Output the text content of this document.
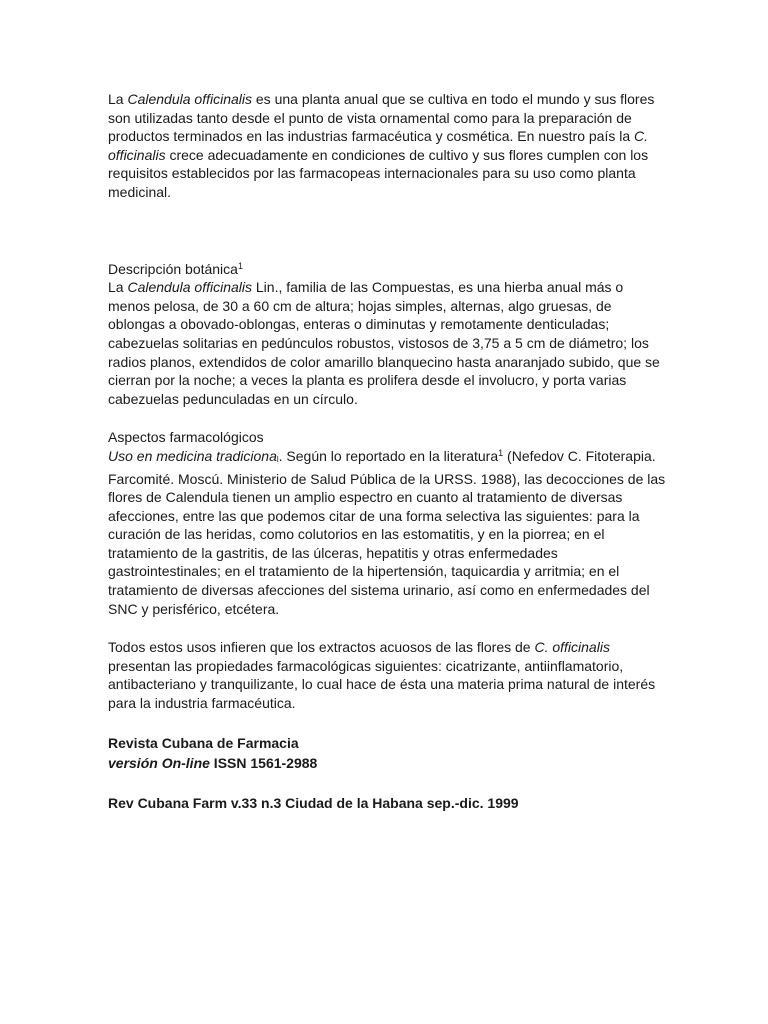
La Calendula officinalis es una planta anual que se cultiva en todo el mundo y sus flores son utilizadas tanto desde el punto de vista ornamental como para la preparación de productos terminados en las industrias farmacéutica y cosmética. En nuestro país la C. officinalis crece adecuadamente en condiciones de cultivo y sus flores cumplen con los requisitos establecidos por las farmacopeas internacionales para su uso como planta medicinal.

Descripción botánica$^1$

La Calendula officinalis Lin., familia de las Compuestas, es una hierba anual más o menos pelosa, de 30 a 60 cm de altura; hojas simples, alternas, algo gruesas, de oblongas a obovado-oblongas, enteras o diminutas y remotamente denticuladas; cabezuelas solitarias en pedúnculos robustos, vistosos de 3,75 a 5 cm de diámetro; los radios planos, extendidos de color amarillo blanquecino hasta anaranjado subido, que se cierran por la noche; a veces la planta es prolifera desde el involucro, y porta varias cabezuelas pedunculadas en un círculo.

Aspectos farmacológicos

Uso en medicina tradiciona$_l$. Según lo reportado en la literatura$^1$ (Nefedov C. Fitoterapia. Farcomité. Moscú. Ministerio de Salud Pública de la URSS. 1988), las decocciones de las flores de Calendula tienen un amplio espectro en cuanto al tratamiento de diversas afecciones, entre las que podemos citar de una forma selectiva las siguientes: para la curación de las heridas, como colutorios en las estomatitis, y en la piorrea; en el tratamiento de la gastritis, de las úlceras, hepatitis y otras enfermedades gastrointestinales; en el tratamiento de la hipertensión, taquicardia y arritmia; en el tratamiento de diversas afecciones del sistema urinario, así como en enfermedades del SNC y perisférico, etcétera.

Todos estos usos infieren que los extractos acuosos de las flores de C. officinalis presentan las propiedades farmacológicas siguientes: cicatrizante, antiinflamatorio, antibacteriano y tranquilizante, lo cual hace de ésta una materia prima natural de interés para la industria farmacéutica.

Revista Cubana de Farmacia

versión On-line ISSN 1561-2988

Rev Cubana Farm v.33 n.3 Ciudad de la Habana sep.-dic. 1999
